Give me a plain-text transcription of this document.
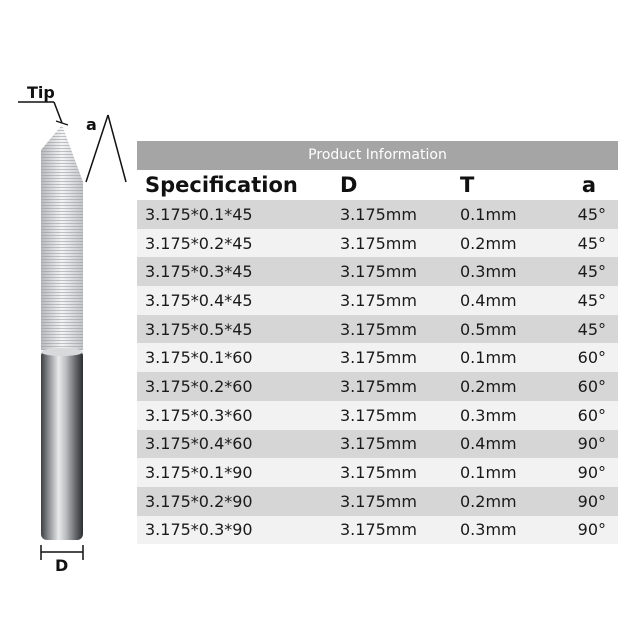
Tip
a
D
Product Information
Specification	D	T	a
3.175*0.1*45	3.175mm	0.1mm	45°
3.175*0.2*45	3.175mm	0.2mm	45°
3.175*0.3*45	3.175mm	0.3mm	45°
3.175*0.4*45	3.175mm	0.4mm	45°
3.175*0.5*45	3.175mm	0.5mm	45°
3.175*0.1*60	3.175mm	0.1mm	60°
3.175*0.2*60	3.175mm	0.2mm	60°
3.175*0.3*60	3.175mm	0.3mm	60°
3.175*0.4*60	3.175mm	0.4mm	90°
3.175*0.1*90	3.175mm	0.1mm	90°
3.175*0.2*90	3.175mm	0.2mm	90°
3.175*0.3*90	3.175mm	0.3mm	90°
